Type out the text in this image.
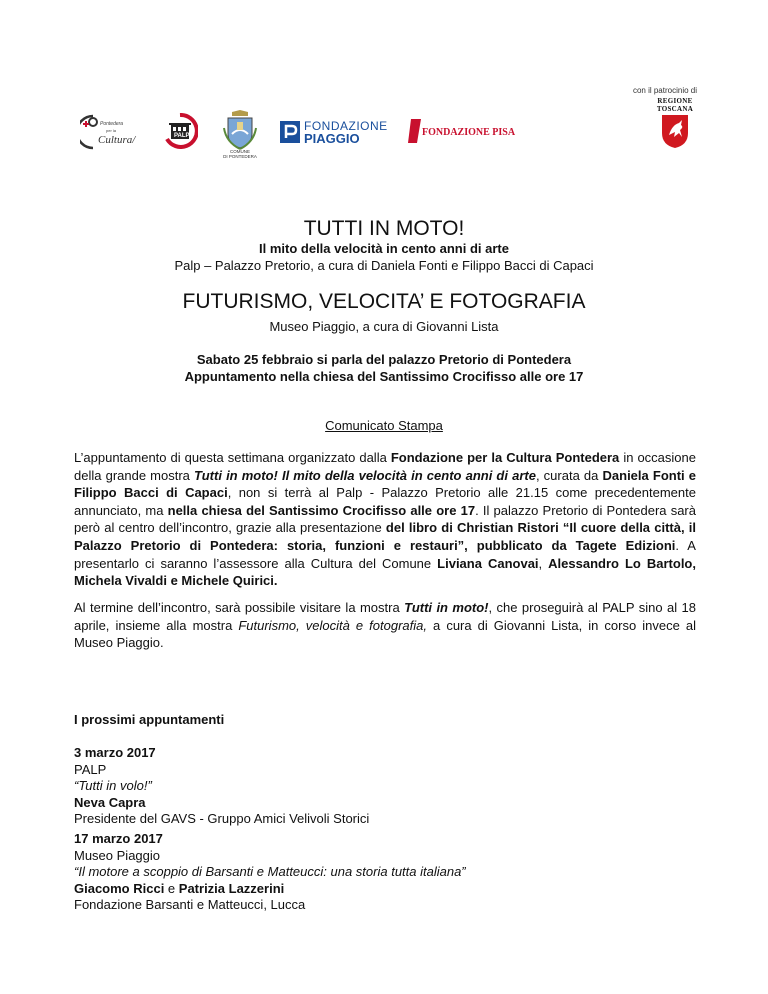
con il patrocinio di
REGIONE
TOSCANA
Pontedera
per la
Cultura/	PALP
COMUNE
DI PONTEDERA
FONDAZIONE
PIAGGIO	FONDAZIONE PISA
TUTTI IN MOTO!
Il mito della velocità in cento anni di arte
Palp – Palazzo Pretorio, a cura di Daniela Fonti e Filippo Bacci di Capaci
FUTURISMO, VELOCITA’ E FOTOGRAFIA
Museo Piaggio, a cura di Giovanni Lista
Sabato 25 febbraio si parla del palazzo Pretorio di Pontedera
Appuntamento nella chiesa del Santissimo Crocifisso alle ore 17
Comunicato Stampa
L’appuntamento di questa settimana organizzato dalla Fondazione per la Cultura Pontedera in occasione della grande mostra Tutti in moto! Il mito della velocità in cento anni di arte, curata da Daniela Fonti e Filippo Bacci di Capaci, non si terrà al Palp - Palazzo Pretorio alle 21.15 come precedentemente annunciato, ma nella chiesa del Santissimo Crocifisso alle ore 17. Il palazzo Pretorio di Pontedera sarà però al centro dell’incontro, grazie alla presentazione del libro di Christian Ristori “Il cuore della città, il Palazzo Pretorio di Pontedera: storia, funzioni e restauri”, pubblicato da Tagete Edizioni. A presentarlo ci saranno l’assessore alla Cultura del Comune Liviana Canovai, Alessandro Lo Bartolo, Michela Vivaldi e Michele Quirici.
Al termine dell’incontro, sarà possibile visitare la mostra Tutti in moto!, che proseguirà al PALP sino al 18 aprile, insieme alla mostra Futurismo, velocità e fotografia, a cura di Giovanni Lista, in corso invece al Museo Piaggio.
I prossimi appuntamenti
3 marzo 2017
PALP
“Tutti in volo!”
Neva Capra
Presidente del GAVS - Gruppo Amici Velivoli Storici
17 marzo 2017
Museo Piaggio
“Il motore a scoppio di Barsanti e Matteucci: una storia tutta italiana”
Giacomo Ricci e Patrizia Lazzerini
Fondazione Barsanti e Matteucci, Lucca
